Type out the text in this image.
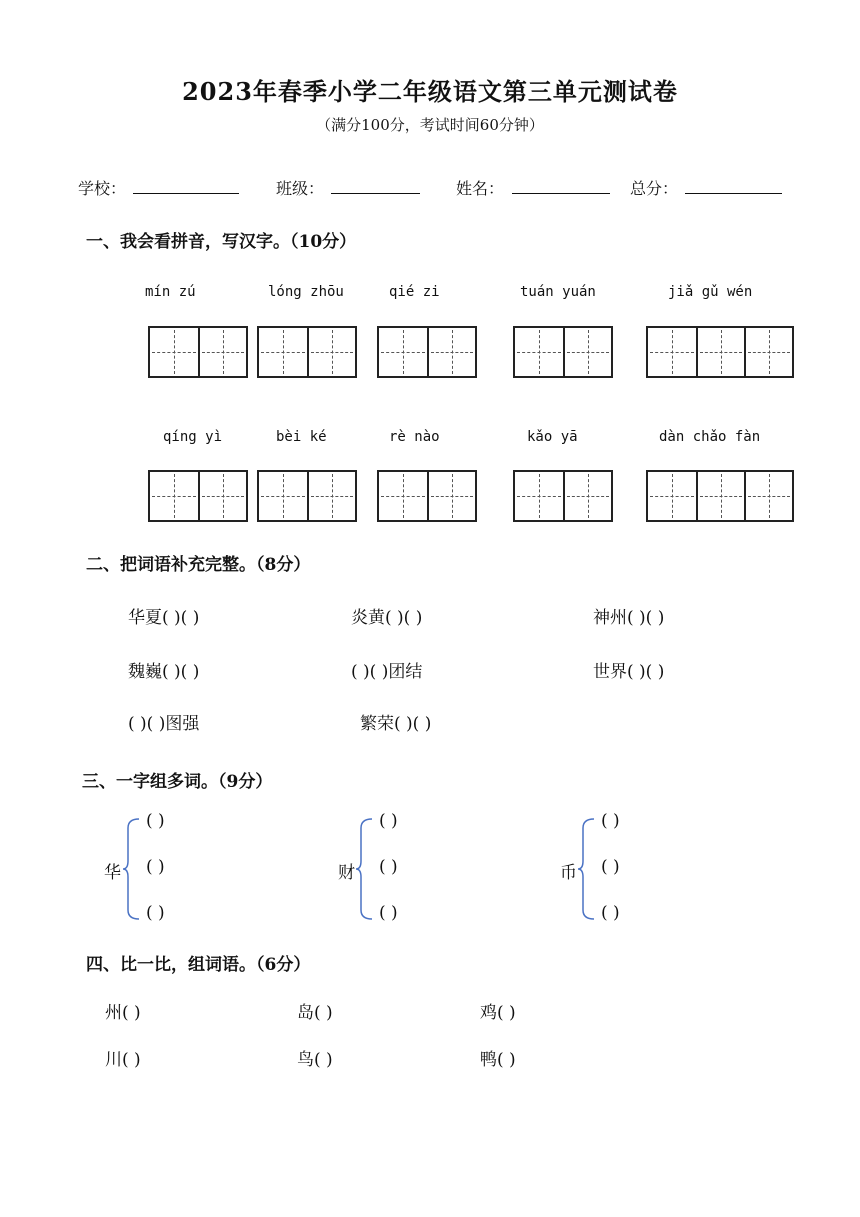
2023年春季小学二年级语文第三单元测试卷
（满分100分，考试时间60分钟）
学校：	班级：	姓名：	总分：
一、我会看拼音，写汉字。（10分）
mín zú	lóng zhōu	qié zi	tuán yuán	jiǎ gǔ wén
qíng yì	bèi ké	rè nào	kǎo yā	dàn chǎo fàn
二、把词语补充完整。（8分）
华夏( )( )	炎黄( )( )	神州( )( )
魏巍( )( )	( )( )团结	世界( )( )
( )( )图强	繁荣( )( )
三、一字组多词。（9分）
华
( )
( )
( )
财
( )
( )
( )
币
( )
( )
( )
四、比一比，组词语。（6分）
州( )	岛( )	鸡( )
川( )	鸟( )	鸭( )
